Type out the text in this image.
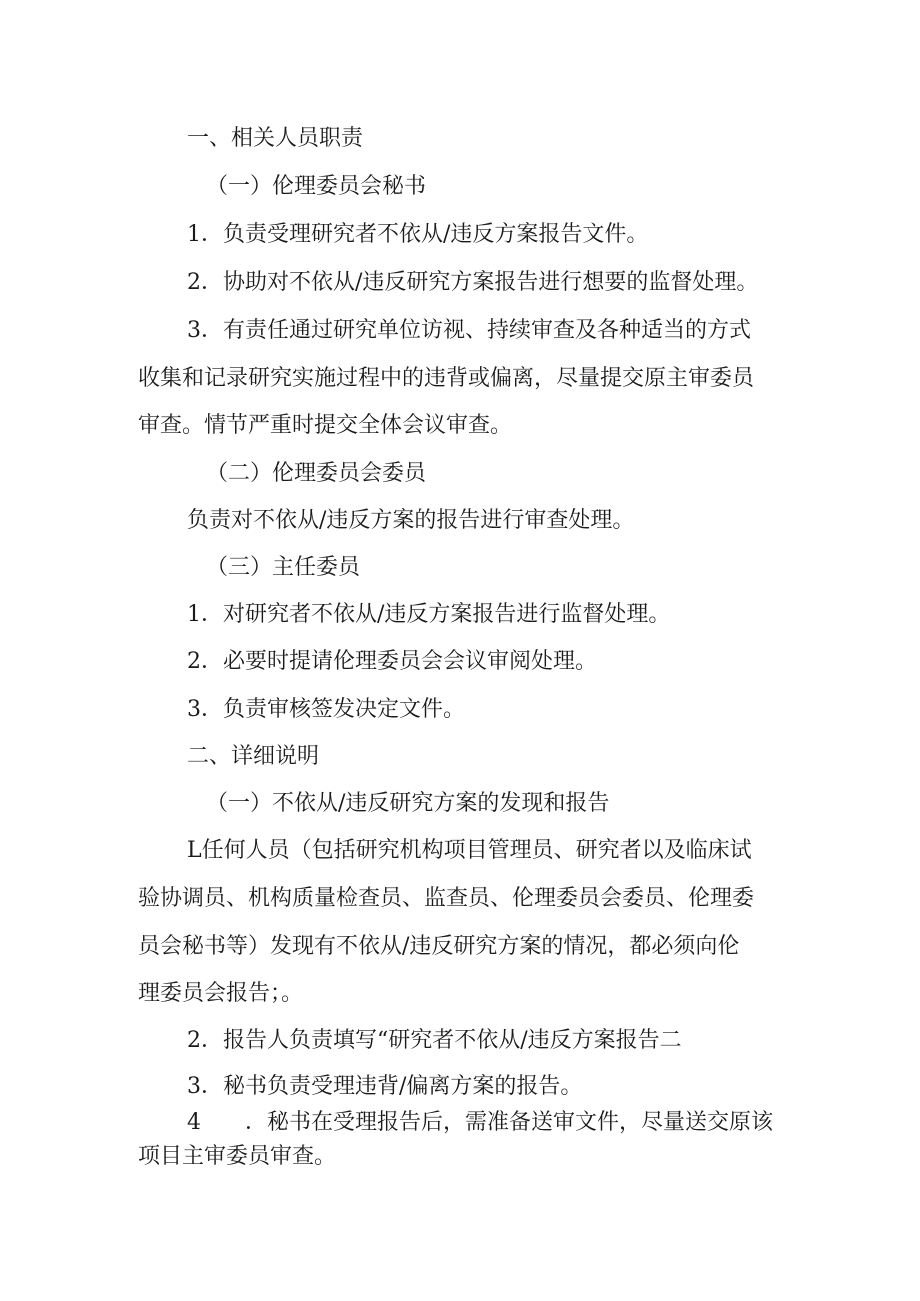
一、相关人员职责
（一）伦理委员会秘书
1．负责受理研究者不依从/违反方案报告文件。
2．协助对不依从/违反研究方案报告进行想要的监督处理。
3．有责任通过研究单位访视、持续审查及各种适当的方式
收集和记录研究实施过程中的违背或偏离，尽量提交原主审委员
审查。情节严重时提交全体会议审查。
（二）伦理委员会委员
负责对不依从/违反方案的报告进行审查处理。
（三）主任委员
1．对研究者不依从/违反方案报告进行监督处理。
2．必要时提请伦理委员会会议审阅处理。
3．负责审核签发决定文件。
二、详细说明
（一）不依从/违反研究方案的发现和报告
L任何人员（包括研究机构项目管理员、研究者以及临床试
验协调员、机构质量检查员、监查员、伦理委员会委员、伦理委
员会秘书等）发现有不依从/违反研究方案的情况，都必须向伦
理委员会报告；。
2．报告人负责填写“研究者不依从/违反方案报告二
3．秘书负责受理违背/偏离方案的报告。
4　　．秘书在受理报告后，需准备送审文件，尽量送交原该
项目主审委员审查。
